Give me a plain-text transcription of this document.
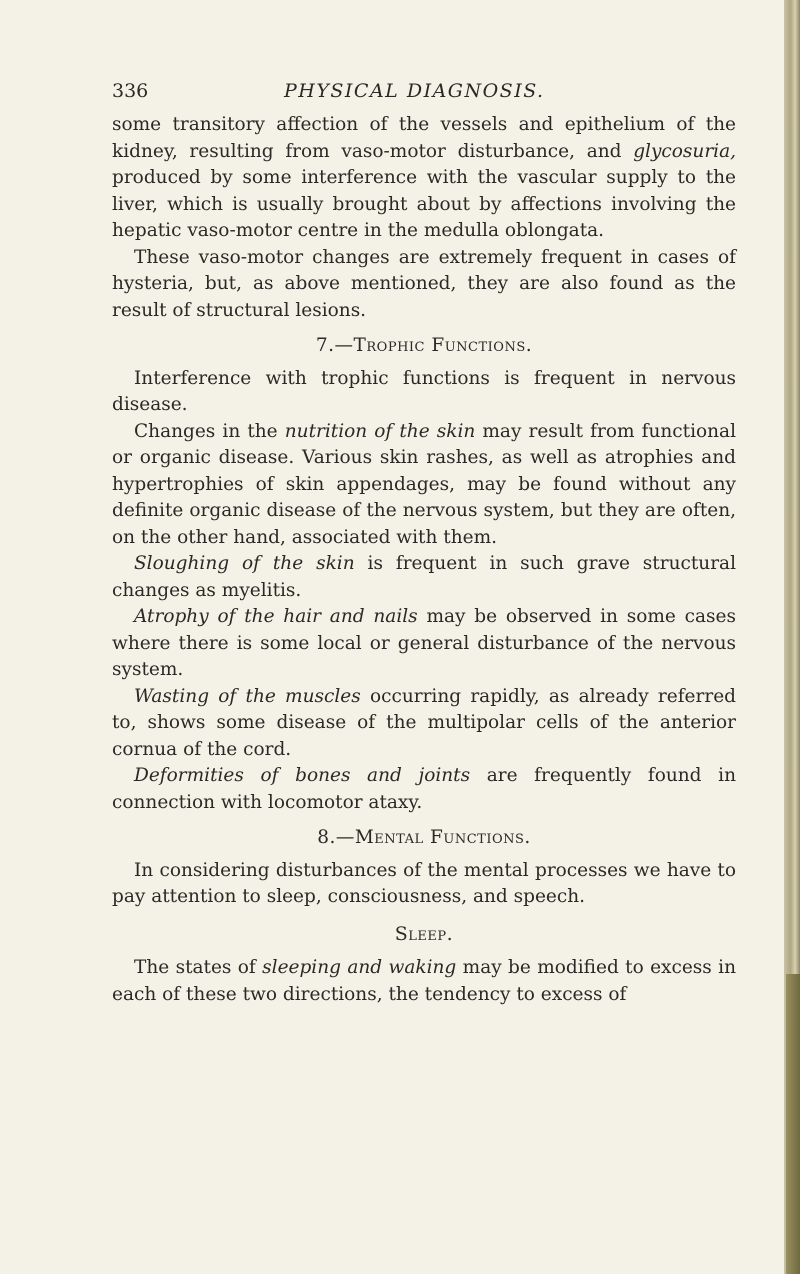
336	PHYSICAL DIAGNOSIS.

some transitory affection of the vessels and epithelium of the kidney, resulting from vaso-motor disturbance, and glycosuria, produced by some interference with the vascular supply to the liver, which is usually brought about by affections involving the hepatic vaso-motor centre in the medulla oblongata.

These vaso-motor changes are extremely frequent in cases of hysteria, but, as above mentioned, they are also found as the result of structural lesions.

7.—Trophic Functions.

Interference with trophic functions is frequent in nervous disease.

Changes in the nutrition of the skin may result from functional or organic disease. Various skin rashes, as well as atrophies and hypertrophies of skin appendages, may be found without any definite organic disease of the nervous system, but they are often, on the other hand, associated with them.

Sloughing of the skin is frequent in such grave structural changes as myelitis.

Atrophy of the hair and nails may be observed in some cases where there is some local or general disturbance of the nervous system.

Wasting of the muscles occurring rapidly, as already referred to, shows some disease of the multipolar cells of the anterior cornua of the cord.

Deformities of bones and joints are frequently found in connection with locomotor ataxy.

8.—Mental Functions.

In considering disturbances of the mental processes we have to pay attention to sleep, consciousness, and speech.

Sleep.

The states of sleeping and waking may be modified to excess in each of these two directions, the tendency to excess of
